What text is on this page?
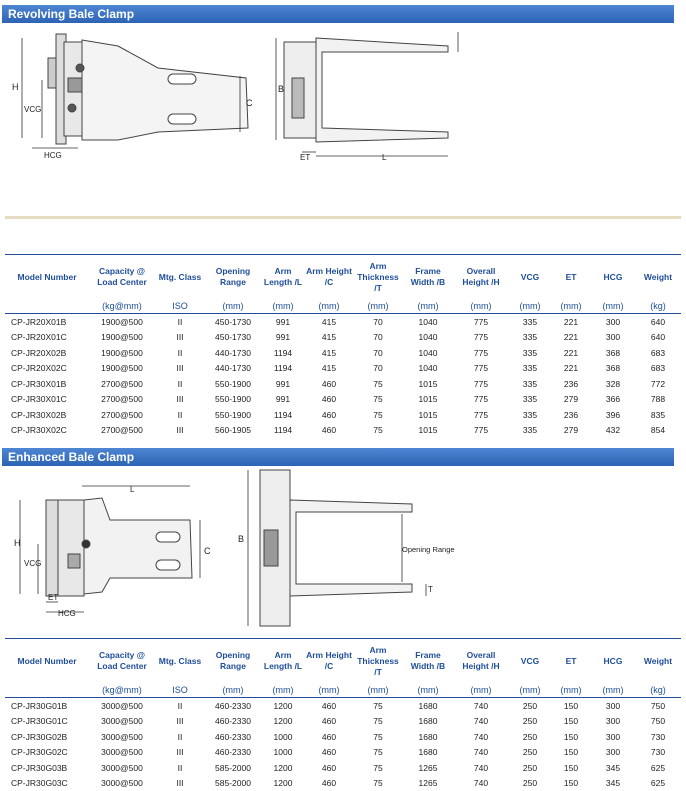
Revolving Bale Clamp
H
VCG
HCG
C
B
ET	L
Model Number	Capacity @ Load Center	Mtg. Class	Opening Range	Arm Length /L	Arm Height /C	Arm Thickness /T	Frame Width /B	Overall Height /H	VCG	ET	HCG	Weight
	(kg@mm)	ISO	(mm)	(mm)	(mm)	(mm)	(mm)	(mm)	(mm)	(mm)	(mm)	(kg)
CP-JR20X01B	1900@500	II	450-1730	991	415	70	1040	775	335	221	300	640
CP-JR20X01C	1900@500	III	450-1730	991	415	70	1040	775	335	221	300	640
CP-JR20X02B	1900@500	II	440-1730	1194	415	70	1040	775	335	221	368	683
CP-JR20X02C	1900@500	III	440-1730	1194	415	70	1040	775	335	221	368	683
CP-JR30X01B	2700@500	II	550-1900	991	460	75	1015	775	335	236	328	772
CP-JR30X01C	2700@500	III	550-1900	991	460	75	1015	775	335	279	366	788
CP-JR30X02B	2700@500	II	550-1900	1194	460	75	1015	775	335	236	396	835
CP-JR30X02C	2700@500	III	560-1905	1194	460	75	1015	775	335	279	432	854
Enhanced Bale Clamp
L
H
VCG
ET
HCG
C
B
Opening Range
T
Model Number	Capacity @ Load Center	Mtg. Class	Opening Range	Arm Length /L	Arm Height /C	Arm Thickness /T	Frame Width /B	Overall Height /H	VCG	ET	HCG	Weight
	(kg@mm)	ISO	(mm)	(mm)	(mm)	(mm)	(mm)	(mm)	(mm)	(mm)	(mm)	(kg)
CP-JR30G01B	3000@500	II	460-2330	1200	460	75	1680	740	250	150	300	750
CP-JR30G01C	3000@500	III	460-2330	1200	460	75	1680	740	250	150	300	750
CP-JR30G02B	3000@500	II	460-2330	1000	460	75	1680	740	250	150	300	730
CP-JR30G02C	3000@500	III	460-2330	1000	460	75	1680	740	250	150	300	730
CP-JR30G03B	3000@500	II	585-2000	1200	460	75	1265	740	250	150	345	625
CP-JR30G03C	3000@500	III	585-2000	1200	460	75	1265	740	250	150	345	625
